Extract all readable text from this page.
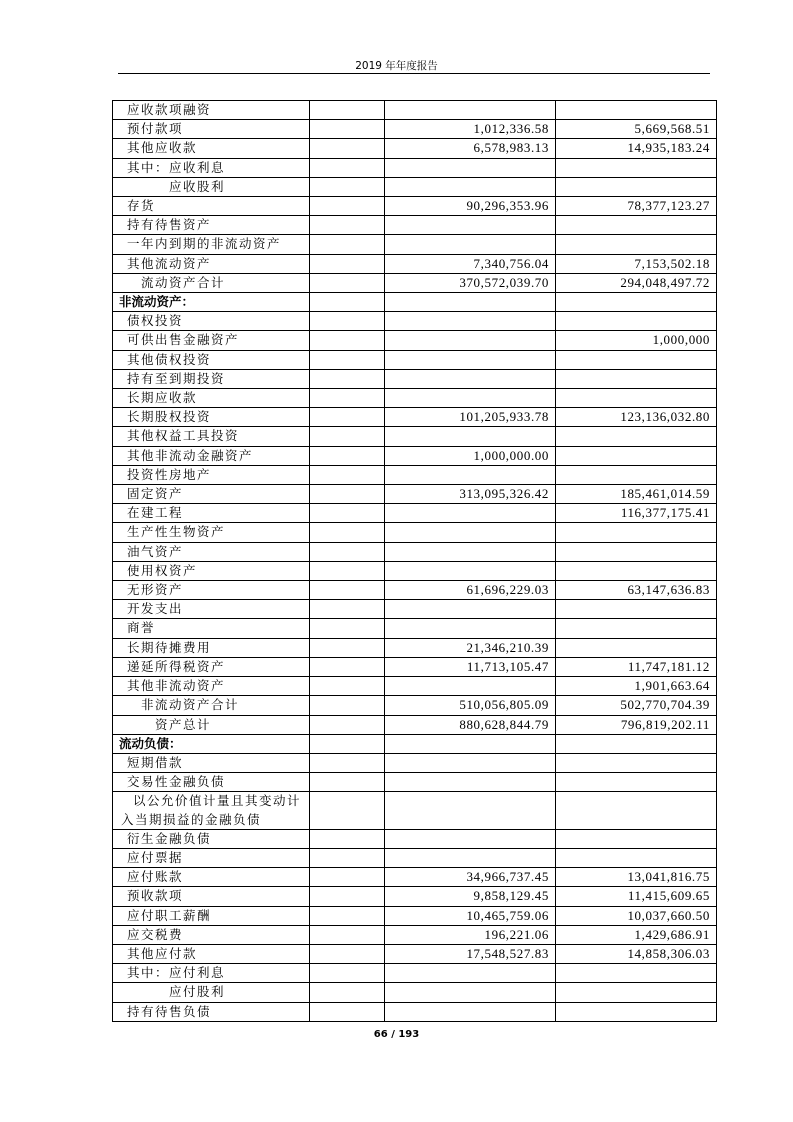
2019 年年度报告
应收款项融资			
预付款项		1,012,336.58	5,669,568.51
其他应收款		6,578,983.13	14,935,183.24
其中：应收利息			
应收股利			
存货		90,296,353.96	78,377,123.27
持有待售资产			
一年内到期的非流动资产			
其他流动资产		7,340,756.04	7,153,502.18
流动资产合计		370,572,039.70	294,048,497.72
非流动资产：			
债权投资			
可供出售金融资产			1,000,000
其他债权投资			
持有至到期投资			
长期应收款			
长期股权投资		101,205,933.78	123,136,032.80
其他权益工具投资			
其他非流动金融资产		1,000,000.00	
投资性房地产			
固定资产		313,095,326.42	185,461,014.59
在建工程			116,377,175.41
生产性生物资产			
油气资产			
使用权资产			
无形资产		61,696,229.03	63,147,636.83
开发支出			
商誉			
长期待摊费用		21,346,210.39	
递延所得税资产		11,713,105.47	11,747,181.12
其他非流动资产			1,901,663.64
非流动资产合计		510,056,805.09	502,770,704.39
资产总计		880,628,844.79	796,819,202.11
流动负债：			
短期借款			
交易性金融负债			
以公允价值计量且其变动计入当期损益的金融负债			
衍生金融负债			
应付票据			
应付账款		34,966,737.45	13,041,816.75
预收款项		9,858,129.45	11,415,609.65
应付职工薪酬		10,465,759.06	10,037,660.50
应交税费		196,221.06	1,429,686.91
其他应付款		17,548,527.83	14,858,306.03
其中：应付利息			
应付股利			
持有待售负债			
66 / 193
